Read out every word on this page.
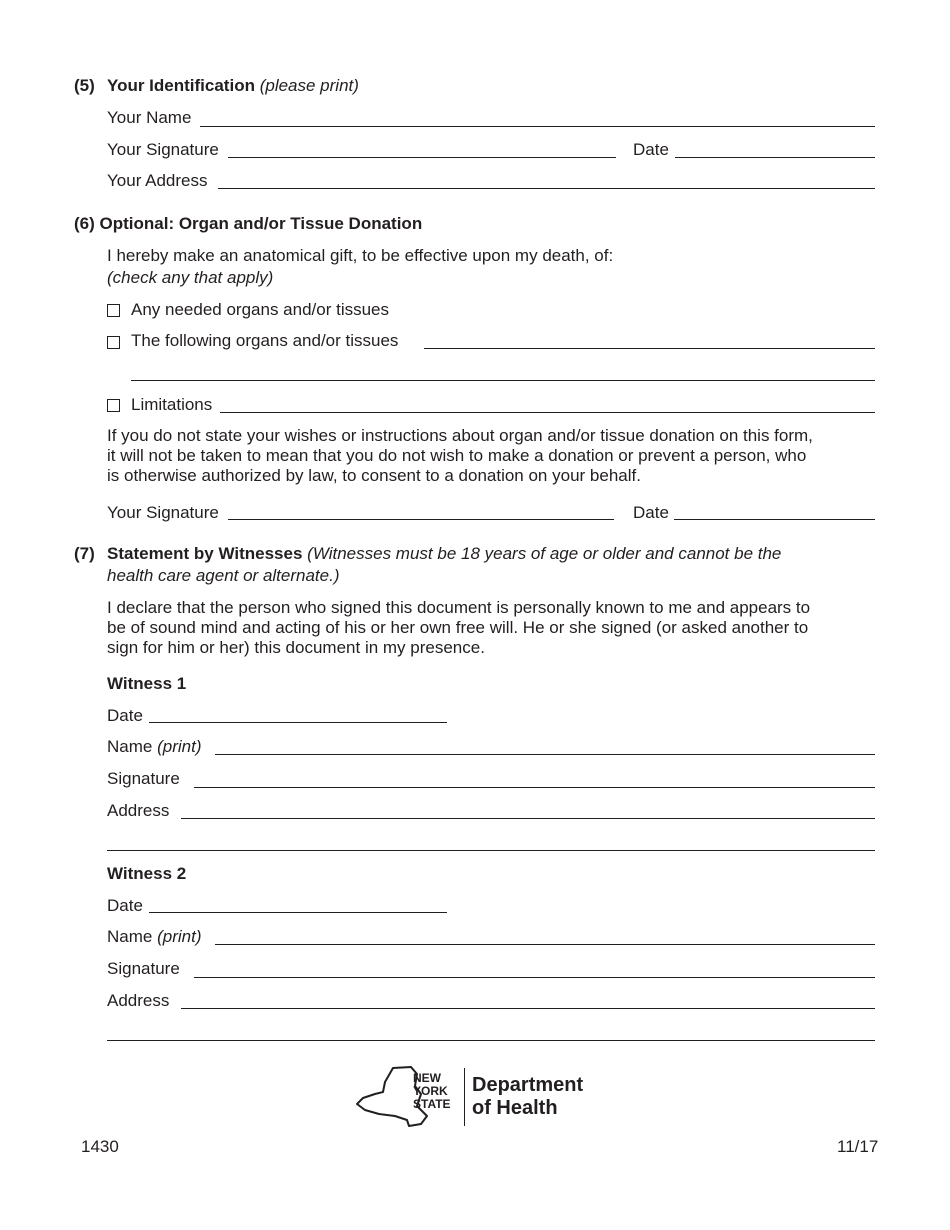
(5) Your Identification (please print)
Your Name
Your Signature	Date
Your Address
(6) Optional: Organ and/or Tissue Donation
I hereby make an anatomical gift, to be effective upon my death, of:
(check any that apply)
Any needed organs and/or tissues
The following organs and/or tissues
Limitations
If you do not state your wishes or instructions about organ and/or tissue donation on this form,
it will not be taken to mean that you do not wish to make a donation or prevent a person, who
is otherwise authorized by law, to consent to a donation on your behalf.
Your Signature	Date
(7) Statement by Witnesses (Witnesses must be 18 years of age or older and cannot be the
health care agent or alternate.)
I declare that the person who signed this document is personally known to me and appears to
be of sound mind and acting of his or her own free will. He or she signed (or asked another to
sign for him or her) this document in my presence.
Witness 1
Date
Name (print)
Signature
Address
Witness 2
Date
Name (print)
Signature
Address
NEW
YORK
STATE
Department
of Health
1430	11/17
